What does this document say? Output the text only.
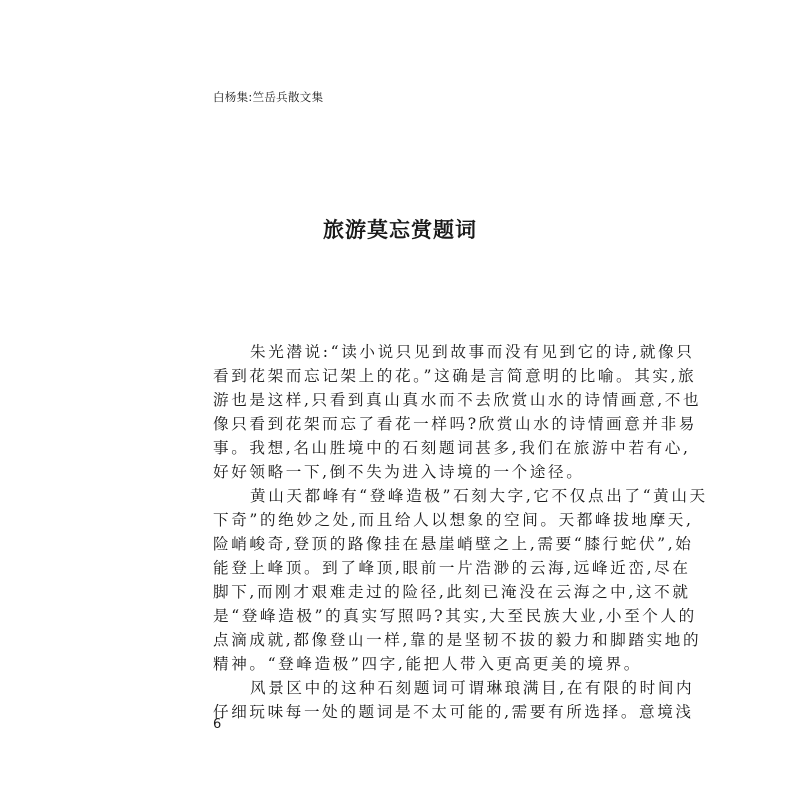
白杨集:竺岳兵散文集
旅游莫忘赏题词
朱光潜说:“读小说只见到故事而没有见到它的诗,就像只
看到花架而忘记架上的花。”这确是言简意明的比喻。其实,旅
游也是这样,只看到真山真水而不去欣赏山水的诗情画意,不也
像只看到花架而忘了看花一样吗?欣赏山水的诗情画意并非易
事。我想,名山胜境中的石刻题词甚多,我们在旅游中若有心,
好好领略一下,倒不失为进入诗境的一个途径。
黄山天都峰有“登峰造极”石刻大字,它不仅点出了“黄山天
下奇”的绝妙之处,而且给人以想象的空间。天都峰拔地摩天,
险峭峻奇,登顶的路像挂在悬崖峭壁之上,需要“膝行蛇伏”,始
能登上峰顶。到了峰顶,眼前一片浩渺的云海,远峰近峦,尽在
脚下,而刚才艰难走过的险径,此刻已淹没在云海之中,这不就
是“登峰造极”的真实写照吗?其实,大至民族大业,小至个人的
点滴成就,都像登山一样,靠的是坚韧不拔的毅力和脚踏实地的
精神。“登峰造极”四字,能把人带入更高更美的境界。
风景区中的这种石刻题词可谓琳琅满目,在有限的时间内
仔细玩味每一处的题词是不太可能的,需要有所选择。意境浅
6
